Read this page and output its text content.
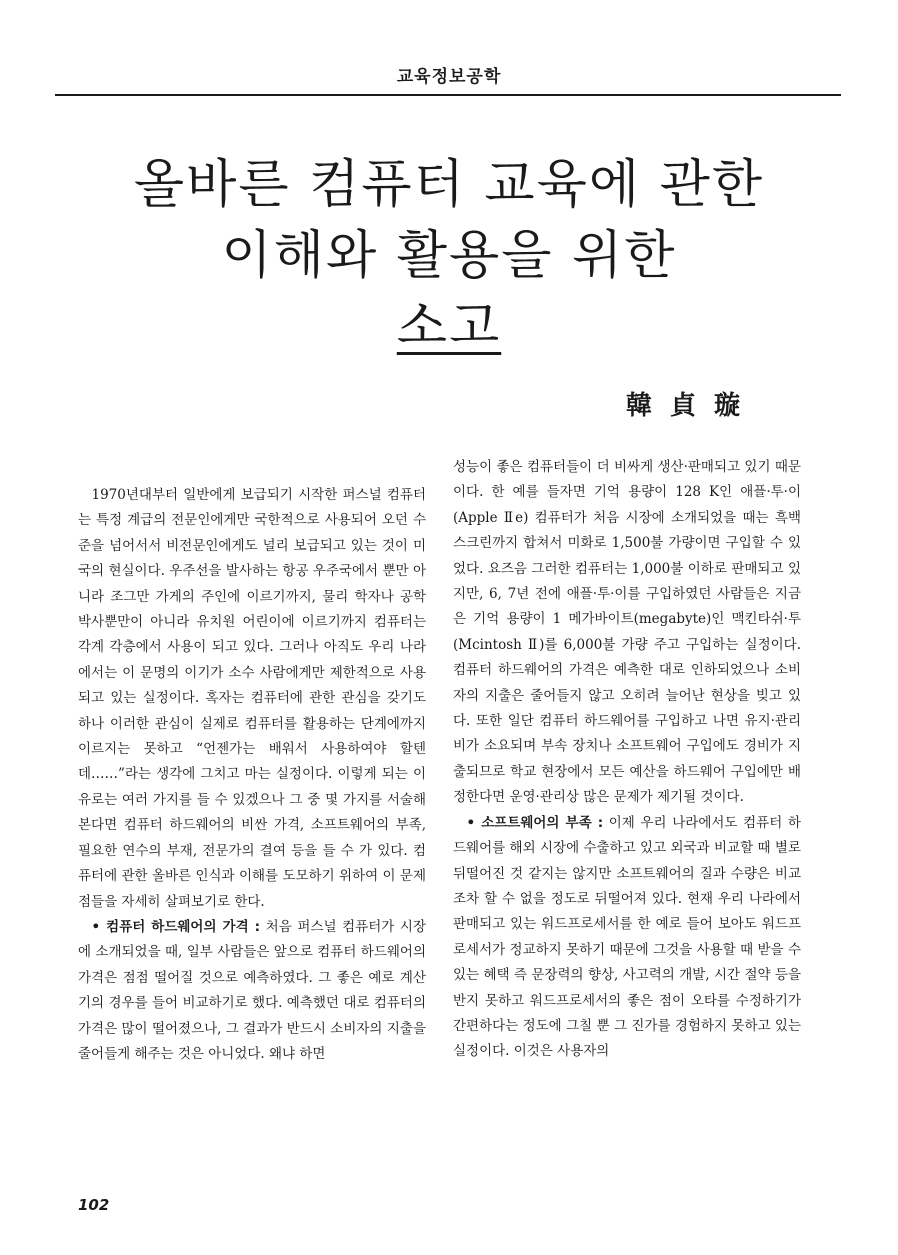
교육정보공학
올바른 컴퓨터 교육에 관한
이해와 활용을 위한
소고
韓貞璇

1970년대부터 일반에게 보급되기 시작한 퍼스널 컴퓨터는 특정 계급의 전문인에게만 국한적으로 사용되어 오던 수준을 넘어서서 비전문인에게도 널리 보급되고 있는 것이 미국의 현실이다. 우주선을 발사하는 항공 우주국에서 뿐만 아니라 조그만 가게의 주인에 이르기까지, 물리 학자나 공학 박사뿐만이 아니라 유치원 어린이에 이르기까지 컴퓨터는 각계 각층에서 사용이 되고 있다. 그러나 아직도 우리 나라에서는 이 문명의 이기가 소수 사람에게만 제한적으로 사용되고 있는 실정이다. 혹자는 컴퓨터에 관한 관심을 갖기도 하나 이러한 관심이 실제로 컴퓨터를 활용하는 단계에까지 이르지는 못하고 “언젠가는 배워서 사용하여야 할텐데……”라는 생각에 그치고 마는 실정이다. 이렇게 되는 이유로는 여러 가지를 들 수 있겠으나 그 중 몇 가지를 서술해 본다면 컴퓨터 하드웨어의 비싼 가격, 소프트웨어의 부족, 필요한 연수의 부재, 전문가의 결여 등을 들 수 가 있다. 컴퓨터에 관한 올바른 인식과 이해를 도모하기 위하여 이 문제점들을 자세히 살펴보기로 한다.

• 컴퓨터 하드웨어의 가격 : 처음 퍼스널 컴퓨터가 시장에 소개되었을 때, 일부 사람들은 앞으로 컴퓨터 하드웨어의 가격은 점점 떨어질 것으로 예측하였다. 그 좋은 예로 계산기의 경우를 들어 비교하기로 했다. 예측했던 대로 컴퓨터의 가격은 많이 떨어졌으나, 그 결과가 반드시 소비자의 지출을 줄어들게 해주는 것은 아니었다. 왜냐 하면

성능이 좋은 컴퓨터들이 더 비싸게 생산·판매되고 있기 때문이다. 한 예를 들자면 기억 용량이 128 K인 애플·투·이(Apple Ⅱe) 컴퓨터가 처음 시장에 소개되었을 때는 흑백 스크린까지 합쳐서 미화로 1,500불 가량이면 구입할 수 있었다. 요즈음 그러한 컴퓨터는 1,000불 이하로 판매되고 있지만, 6, 7년 전에 애플·투·이를 구입하였던 사람들은 지금은 기억 용량이 1 메가바이트(megabyte)인 맥킨타쉬·투(Mcintosh Ⅱ)를 6,000불 가량 주고 구입하는 실정이다. 컴퓨터 하드웨어의 가격은 예측한 대로 인하되었으나 소비자의 지출은 줄어들지 않고 오히려 늘어난 현상을 빚고 있다. 또한 일단 컴퓨터 하드웨어를 구입하고 나면 유지·관리비가 소요되며 부속 장치나 소프트웨어 구입에도 경비가 지출되므로 학교 현장에서 모든 예산을 하드웨어 구입에만 배정한다면 운영·관리상 많은 문제가 제기될 것이다.

• 소프트웨어의 부족 : 이제 우리 나라에서도 컴퓨터 하드웨어를 해외 시장에 수출하고 있고 외국과 비교할 때 별로 뒤떨어진 것 같지는 않지만 소프트웨어의 질과 수량은 비교조차 할 수 없을 정도로 뒤떨어져 있다. 현재 우리 나라에서 판매되고 있는 워드프로세서를 한 예로 들어 보아도 워드프로세서가 정교하지 못하기 때문에 그것을 사용할 때 받을 수 있는 혜택 즉 문장력의 향상, 사고력의 개발, 시간 절약 등을 반지 못하고 워드프로세서의 좋은 점이 오타를 수정하기가 간편하다는 정도에 그칠 뿐 그 진가를 경험하지 못하고 있는 실정이다. 이것은 사용자의

102
